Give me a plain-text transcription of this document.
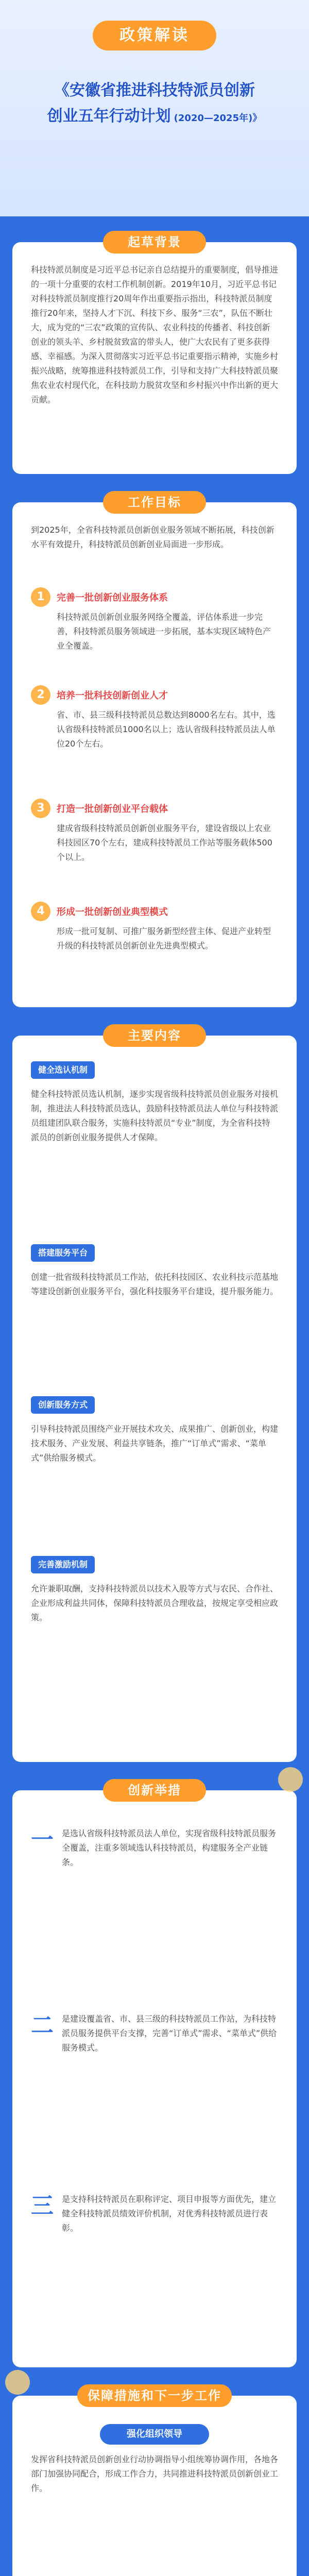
政策解读
《安徽省推进科技特派员创新
创业五年行动计划 (2020—2025年)》
起草背景
科技特派员制度是习近平总书记亲自总结提升的重要制度，倡导推进的一项十分重要的农村工作机制创新。2019年10月，习近平总书记对科技特派员制度推行20周年作出重要指示指出，科技特派员制度推行20年来，坚持人才下沉、科技下乡、服务“三农”，队伍不断壮大，成为党的“三农”政策的宣传队、农业科技的传播者、科技创新创业的领头羊、乡村脱贫致富的带头人，使广大农民有了更多获得感、幸福感。为深入贯彻落实习近平总书记重要指示精神，实施乡村振兴战略，统筹推进科技特派员工作，引导和支持广大科技特派员聚焦农业农村现代化，在科技助力脱贫攻坚和乡村振兴中作出新的更大贡献。
工作目标
到2025年，全省科技特派员创新创业服务领域不断拓展，科技创新水平有效提升，科技特派员创新创业局面进一步形成。
1	完善一批创新创业服务体系
科技特派员创新创业服务网络全覆盖，评估体系进一步完善，科技特派员服务领域进一步拓展，基本实现区域特色产业全覆盖。
2	培养一批科技创新创业人才
省、市、县三级科技特派员总数达到8000名左右。其中，选认省级科技特派员1000名以上；选认省级科技特派员法人单位20个左右。
3	打造一批创新创业平台载体
建成省级科技特派员创新创业服务平台，建设省级以上农业科技园区70个左右，建成科技特派员工作站等服务载体500个以上。
4	形成一批创新创业典型模式
形成一批可复制、可推广服务新型经营主体、促进产业转型升级的科技特派员创新创业先进典型模式。
主要内容
健全选认机制
健全科技特派员选认机制，逐步实现省级科技特派员创业服务对接机制，推进法人科技特派员选认，鼓励科技特派员法人单位与科技特派员组建团队联合服务，实施科技特派员“专业”制度，为全省科技特派员的创新创业服务提供人才保障。
搭建服务平台
创建一批省级科技特派员工作站，依托科技园区、农业科技示范基地等建设创新创业服务平台，强化科技服务平台建设，提升服务能力。
创新服务方式
引导科技特派员围绕产业开展技术攻关、成果推广、创新创业，构建技术服务、产业发展、利益共享链条，推广“订单式”需求、“菜单式”供给服务模式。
完善激励机制
允许兼职取酬，支持科技特派员以技术入股等方式与农民、合作社、企业形成利益共同体，保障科技特派员合理收益，按规定享受相应政策。
创新举措
一 是选认省级科技特派员法人单位，实现省级科技特派员服务全覆盖，注重多领域选认科技特派员，构建服务全产业链条。
二 是建设覆盖省、市、县三级的科技特派员工作站，为科技特派员服务提供平台支撑，完善“订单式”需求、“菜单式”供给服务模式。
三 是支持科技特派员在职称评定、项目申报等方面优先，建立健全科技特派员绩效评价机制，对优秀科技特派员进行表彰。
保障措施和下一步工作
强化组织领导
发挥省科技特派员创新创业行动协调指导小组统筹协调作用，各地各部门加强协同配合，形成工作合力，共同推进科技特派员创新创业工作。
